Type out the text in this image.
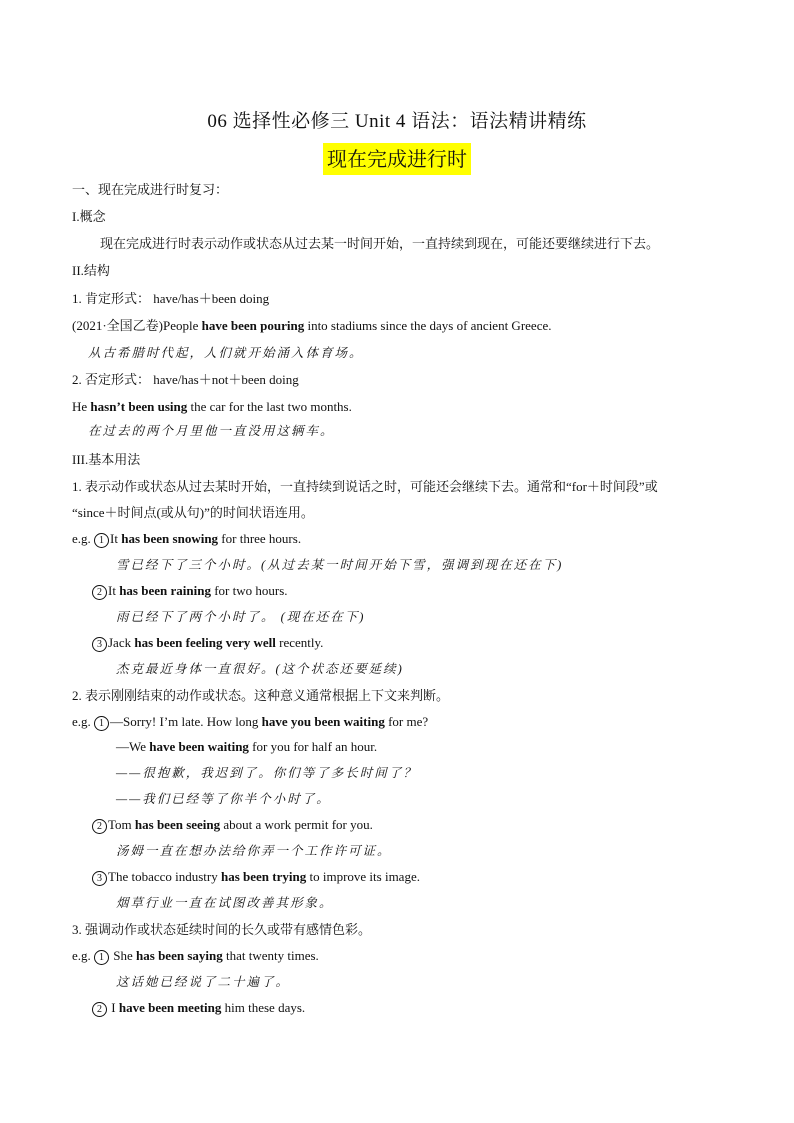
06 选择性必修三 Unit 4 语法：语法精讲精练
现在完成进行时
一、现在完成进行时复习：
I.概念
现在完成进行时表示动作或状态从过去某一时间开始，一直持续到现在，可能还要继续进行下去。
II.结构
1. 肯定形式： have/has＋been doing
(2021·全国乙卷)People have been pouring into stadiums since the days of ancient Greece.
从古希腊时代起，人们就开始涌入体育场。
2. 否定形式： have/has＋not＋been doing
He hasn’t been using the car for the last two months.
在过去的两个月里他一直没用这辆车。
III.基本用法
1. 表示动作或状态从过去某时开始，一直持续到说话之时，可能还会继续下去。通常和“for＋时间段”或
“since＋时间点(或从句)”的时间状语连用。
e.g. 1 It has been snowing for three hours.
雪已经下了三个小时。(从过去某一时间开始下雪，强调到现在还在下)
2 It has been raining for two hours.
雨已经下了两个小时了。 (现在还在下)
3 Jack has been feeling very well recently.
杰克最近身体一直很好。(这个状态还要延续)
2. 表示刚刚结束的动作或状态。这种意义通常根据上下文来判断。
e.g. 1 —Sorry! I’m late. How long have you been waiting for me?
—We have been waiting for you for half an hour.
——很抱歉，我迟到了。你们等了多长时间了？
——我们已经等了你半个小时了。
2 Tom has been seeing about a work permit for you.
汤姆一直在想办法给你弄一个工作许可证。
3 The tobacco industry has been trying to improve its image.
烟草行业一直在试图改善其形象。
3. 强调动作或状态延续时间的长久或带有感情色彩。
e.g. 1 She has been saying that twenty times.
这话她已经说了二十遍了。
2 I have been meeting him these days.
